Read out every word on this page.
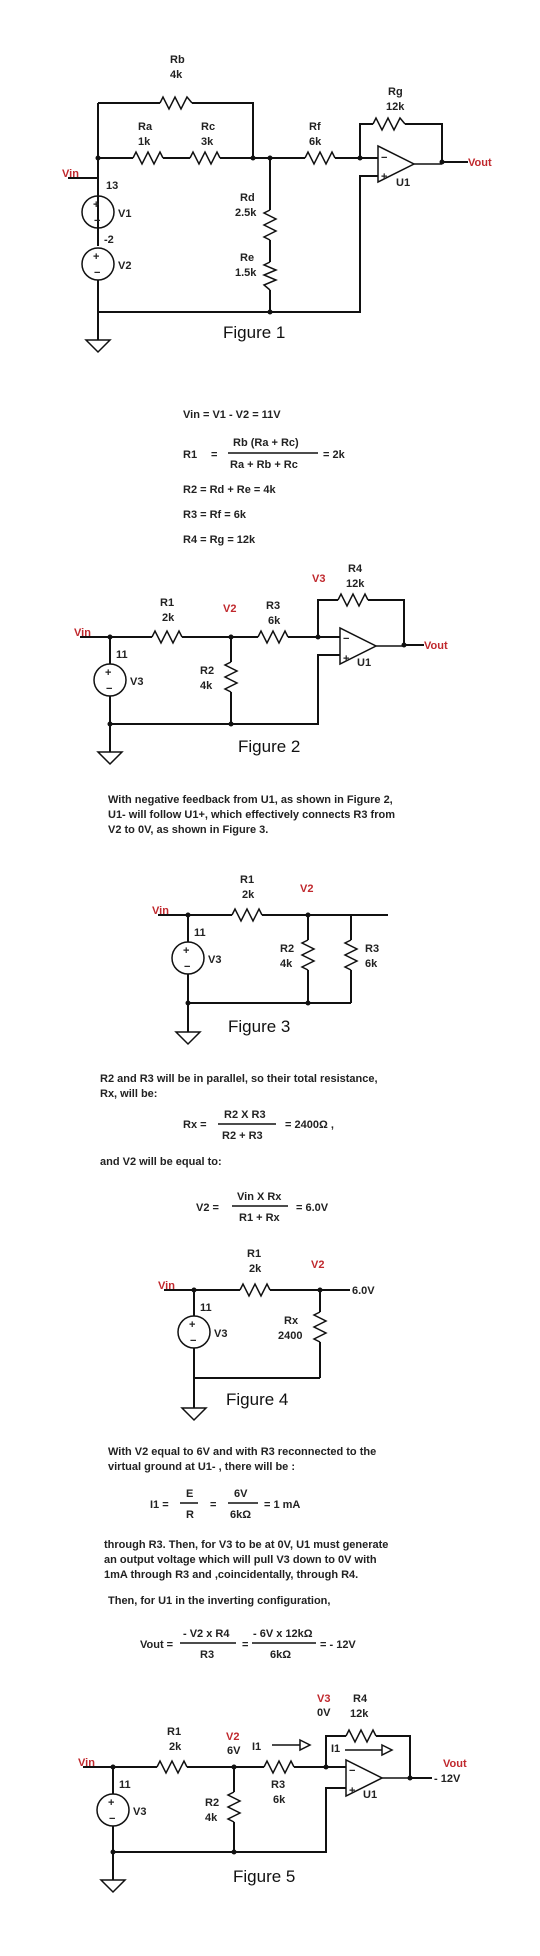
+
−
+
−
−
+
Rb
4k
Ra
1k
Rc
3k
Rf
6k
Rg
12k
Rd
2.5k
Re
1.5k
Vin
Vout
13
V1
-2
V2
U1
Figure 1
Vin = V1 - V2 = 11V
R1 =
Rb (Ra + Rc)
Ra + Rb + Rc
= 2k
R2 = Rd + Re = 4k
R3 = Rf = 6k
R4 = Rg = 12k
+
−
−
+
R1
2k
V2	R3
6k
V3
R4
12k
R2
4k
Vin
Vout
11
V3
U1
Figure 2
With negative feedback from U1, as shown in Figure 2,
U1- will follow U1+, which effectively connects R3 from
V2 to 0V, as shown in Figure 3.
+
−
R1
2k	V2
R2
4k
R3
6k
Vin
11
V3
Figure 3
R2 and R3 will be in parallel, so their total resistance,
Rx, will be:
Rx =
R2 X R3
R2 + R3
= 2400Ω ,
and V2 will be equal to:
V2 =
Vin X Rx
R1 + Rx
= 6.0V
+
−
R1
2k	V2
6.0V
Rx
2400
Vin
11
V3
Figure 4
With V2 equal to 6V and with R3 reconnected to the
virtual ground at U1- , there will be :
I1 =
E
R
=
6V
6kΩ
= 1 mA
through R3. Then, for V3 to be at 0V, U1 must generate
an output voltage which will pull V3 down to 0V with
1mA through R3 and ,coincidentally, through R4.
Then, for U1 in the inverting configuration,
Vout =
- V2 x R4
R3
=
- 6V x 12kΩ
6kΩ
= - 12V
+
−
−
+
R1
2k
V2
6V I1
R3
6k
V3
0V
R4
12k
I1
R2
4k
Vin	Vout
- 12V
11
V3
U1
Figure 5
